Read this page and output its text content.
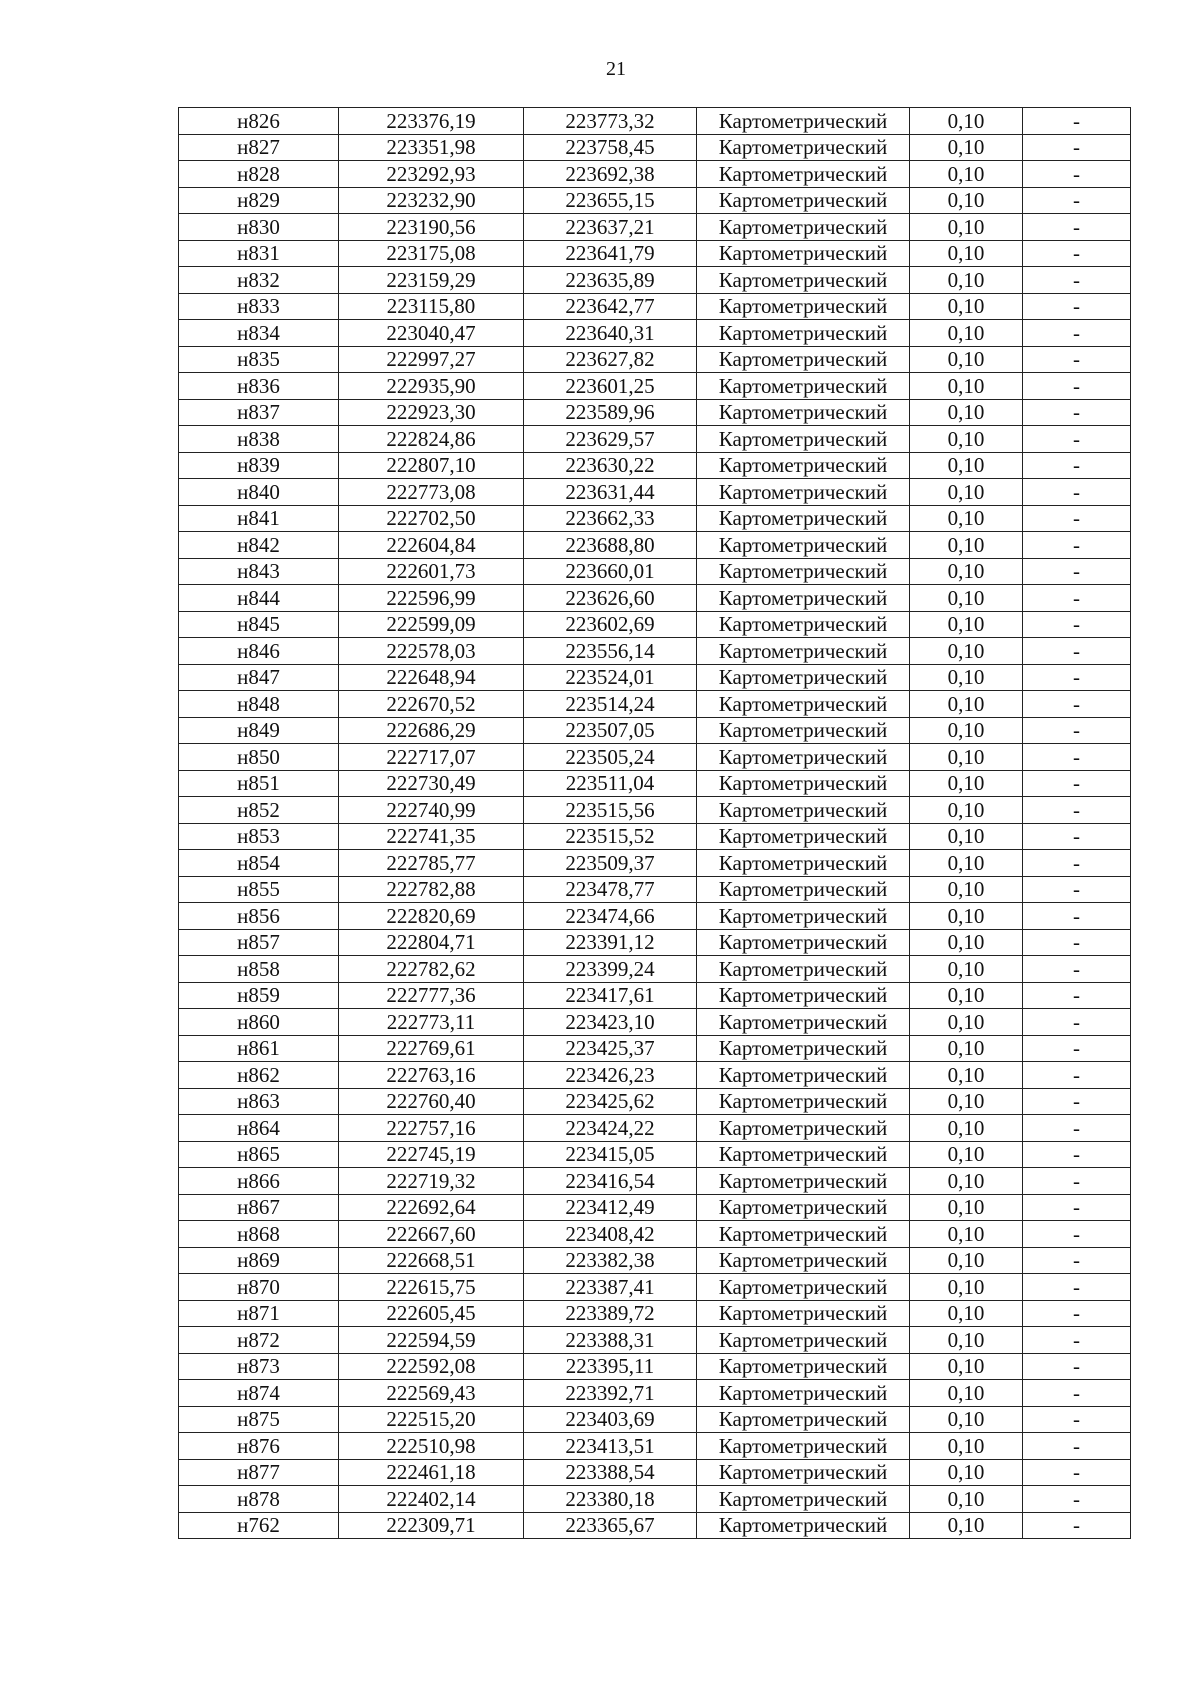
21
н826	223376,19	223773,32	Картометрический	0,10	-
н827	223351,98	223758,45	Картометрический	0,10	-
н828	223292,93	223692,38	Картометрический	0,10	-
н829	223232,90	223655,15	Картометрический	0,10	-
н830	223190,56	223637,21	Картометрический	0,10	-
н831	223175,08	223641,79	Картометрический	0,10	-
н832	223159,29	223635,89	Картометрический	0,10	-
н833	223115,80	223642,77	Картометрический	0,10	-
н834	223040,47	223640,31	Картометрический	0,10	-
н835	222997,27	223627,82	Картометрический	0,10	-
н836	222935,90	223601,25	Картометрический	0,10	-
н837	222923,30	223589,96	Картометрический	0,10	-
н838	222824,86	223629,57	Картометрический	0,10	-
н839	222807,10	223630,22	Картометрический	0,10	-
н840	222773,08	223631,44	Картометрический	0,10	-
н841	222702,50	223662,33	Картометрический	0,10	-
н842	222604,84	223688,80	Картометрический	0,10	-
н843	222601,73	223660,01	Картометрический	0,10	-
н844	222596,99	223626,60	Картометрический	0,10	-
н845	222599,09	223602,69	Картометрический	0,10	-
н846	222578,03	223556,14	Картометрический	0,10	-
н847	222648,94	223524,01	Картометрический	0,10	-
н848	222670,52	223514,24	Картометрический	0,10	-
н849	222686,29	223507,05	Картометрический	0,10	-
н850	222717,07	223505,24	Картометрический	0,10	-
н851	222730,49	223511,04	Картометрический	0,10	-
н852	222740,99	223515,56	Картометрический	0,10	-
н853	222741,35	223515,52	Картометрический	0,10	-
н854	222785,77	223509,37	Картометрический	0,10	-
н855	222782,88	223478,77	Картометрический	0,10	-
н856	222820,69	223474,66	Картометрический	0,10	-
н857	222804,71	223391,12	Картометрический	0,10	-
н858	222782,62	223399,24	Картометрический	0,10	-
н859	222777,36	223417,61	Картометрический	0,10	-
н860	222773,11	223423,10	Картометрический	0,10	-
н861	222769,61	223425,37	Картометрический	0,10	-
н862	222763,16	223426,23	Картометрический	0,10	-
н863	222760,40	223425,62	Картометрический	0,10	-
н864	222757,16	223424,22	Картометрический	0,10	-
н865	222745,19	223415,05	Картометрический	0,10	-
н866	222719,32	223416,54	Картометрический	0,10	-
н867	222692,64	223412,49	Картометрический	0,10	-
н868	222667,60	223408,42	Картометрический	0,10	-
н869	222668,51	223382,38	Картометрический	0,10	-
н870	222615,75	223387,41	Картометрический	0,10	-
н871	222605,45	223389,72	Картометрический	0,10	-
н872	222594,59	223388,31	Картометрический	0,10	-
н873	222592,08	223395,11	Картометрический	0,10	-
н874	222569,43	223392,71	Картометрический	0,10	-
н875	222515,20	223403,69	Картометрический	0,10	-
н876	222510,98	223413,51	Картометрический	0,10	-
н877	222461,18	223388,54	Картометрический	0,10	-
н878	222402,14	223380,18	Картометрический	0,10	-
н762	222309,71	223365,67	Картометрический	0,10	-
